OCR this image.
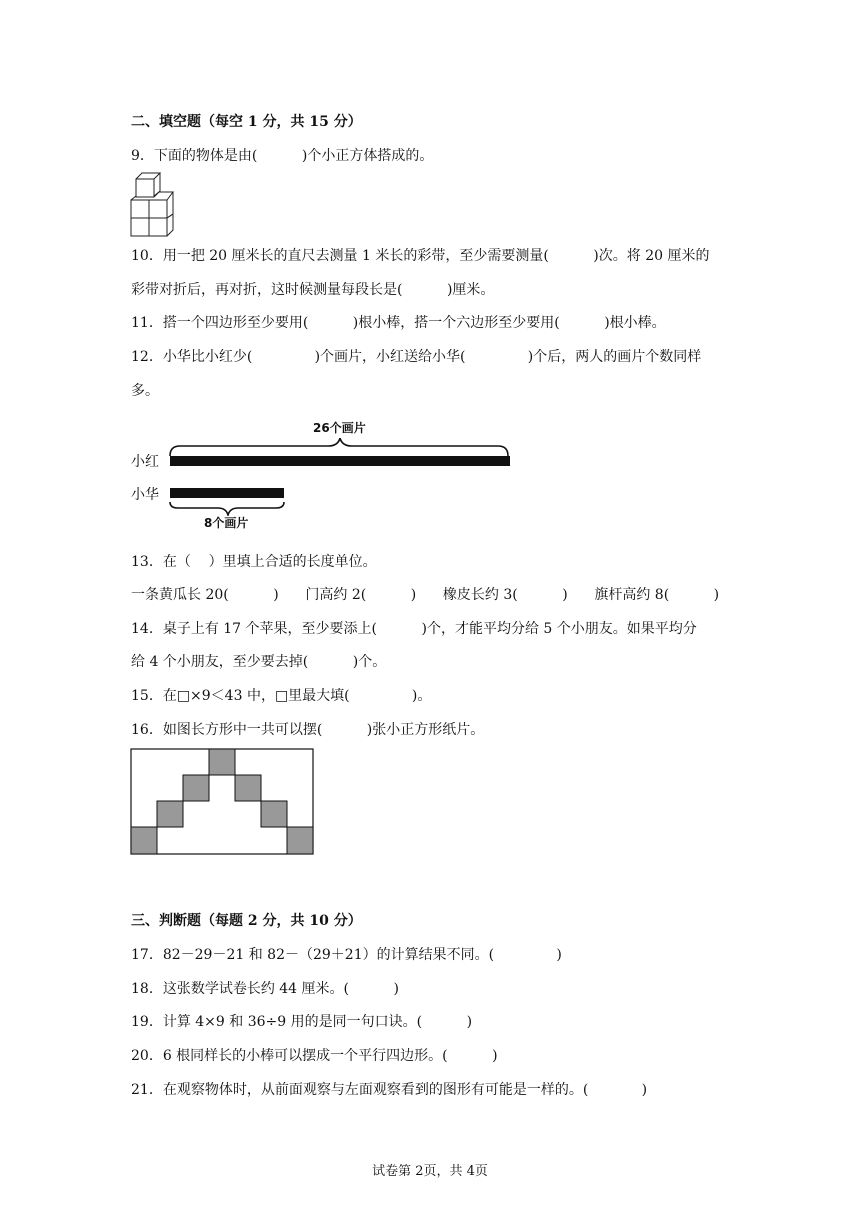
二、填空题（每空 1 分，共 15 分）
9．下面的物体是由(          )个小正方体搭成的。
10．用一把 20 厘米长的直尺去测量 1 米长的彩带，至少需要测量(          )次。将 20 厘米的
彩带对折后，再对折，这时候测量每段长是(          )厘米。
11．搭一个四边形至少要用(          )根小棒，搭一个六边形至少要用(          )根小棒。
12．小华比小红少(              )个画片，小红送给小华(              )个后，两人的画片个数同样
多。
26个画片
小红
小华
8个画片
13．在（    ）里填上合适的长度单位。
一条黄瓜长 20(          )      门高约 2(          )      橡皮长约 3(          )      旗杆高约 8(          )
14．桌子上有 17 个苹果，至少要添上(          )个，才能平均分给 5 个小朋友。如果平均分
给 4 个小朋友，至少要去掉(          )个。
15．在□×9＜43 中，□里最大填(              )。
16．如图长方形中一共可以摆(          )张小正方形纸片。
三、判断题（每题 2 分，共 10 分）
17．82－29－21 和 82－（29＋21）的计算结果不同。(              )
18．这张数学试卷长约 44 厘米。(          )
19．计算 4×9 和 36÷9 用的是同一句口诀。(          )
20．6 根同样长的小棒可以摆成一个平行四边形。(          )
21．在观察物体时，从前面观察与左面观察看到的图形有可能是一样的。(            )
试卷第 2页，共 4页
